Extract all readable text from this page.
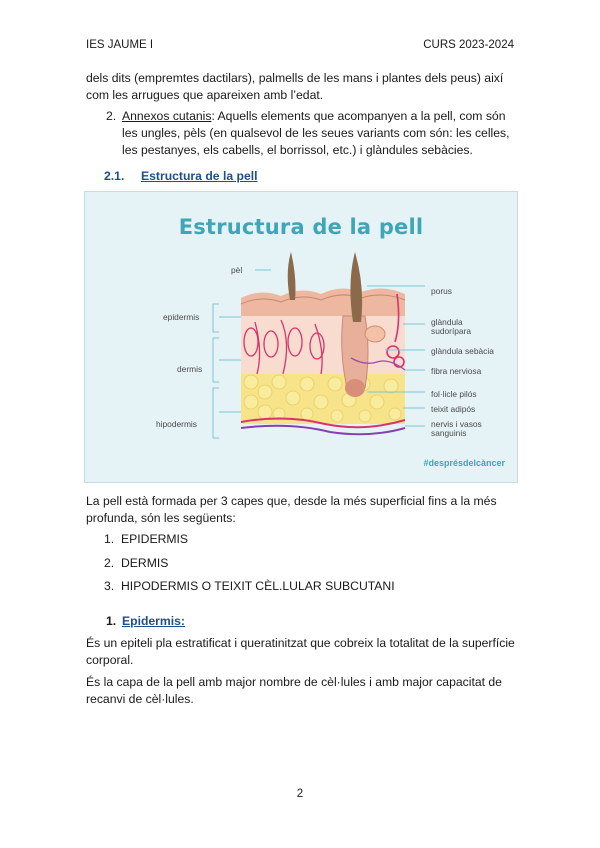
IES JAUME I	CURS 2023-2024
dels dits (empremtes dactilars), palmells de les mans i plantes dels peus) així
com les arrugues que apareixen amb l’edat.
2. Annexos cutanis: Aquells elements que acompanyen a la pell, com són
les ungles, pèls (en qualsevol de les seues variants com són: les celles,
les pestanyes, els cabells, el borrissol, etc.) i glàndules sebàcies.
2.1. Estructura de la pell
Estructura de la pell
pèl
epidermis
dermis
hipodermis
porus
glàndula
sudorípara
glàndula sebàcia
fibra nerviosa
fol·licle pilós
teixit adipós
nervis i vasos
sanguinis
#desprésdelcàncer
La pell està formada per 3 capes que, desde la més superficial fins a la més
profunda, són les següents:
1. EPIDERMIS
2. DERMIS
3. HIPODERMIS O TEIXIT CÈL.LULAR SUBCUTANI
1. Epidermis:
És un epiteli pla estratificat i queratinitzat que cobreix la totalitat de la superfície
corporal.
És la capa de la pell amb major nombre de cèl·lules i amb major capacitat de
recanvi de cèl·lules.
2
